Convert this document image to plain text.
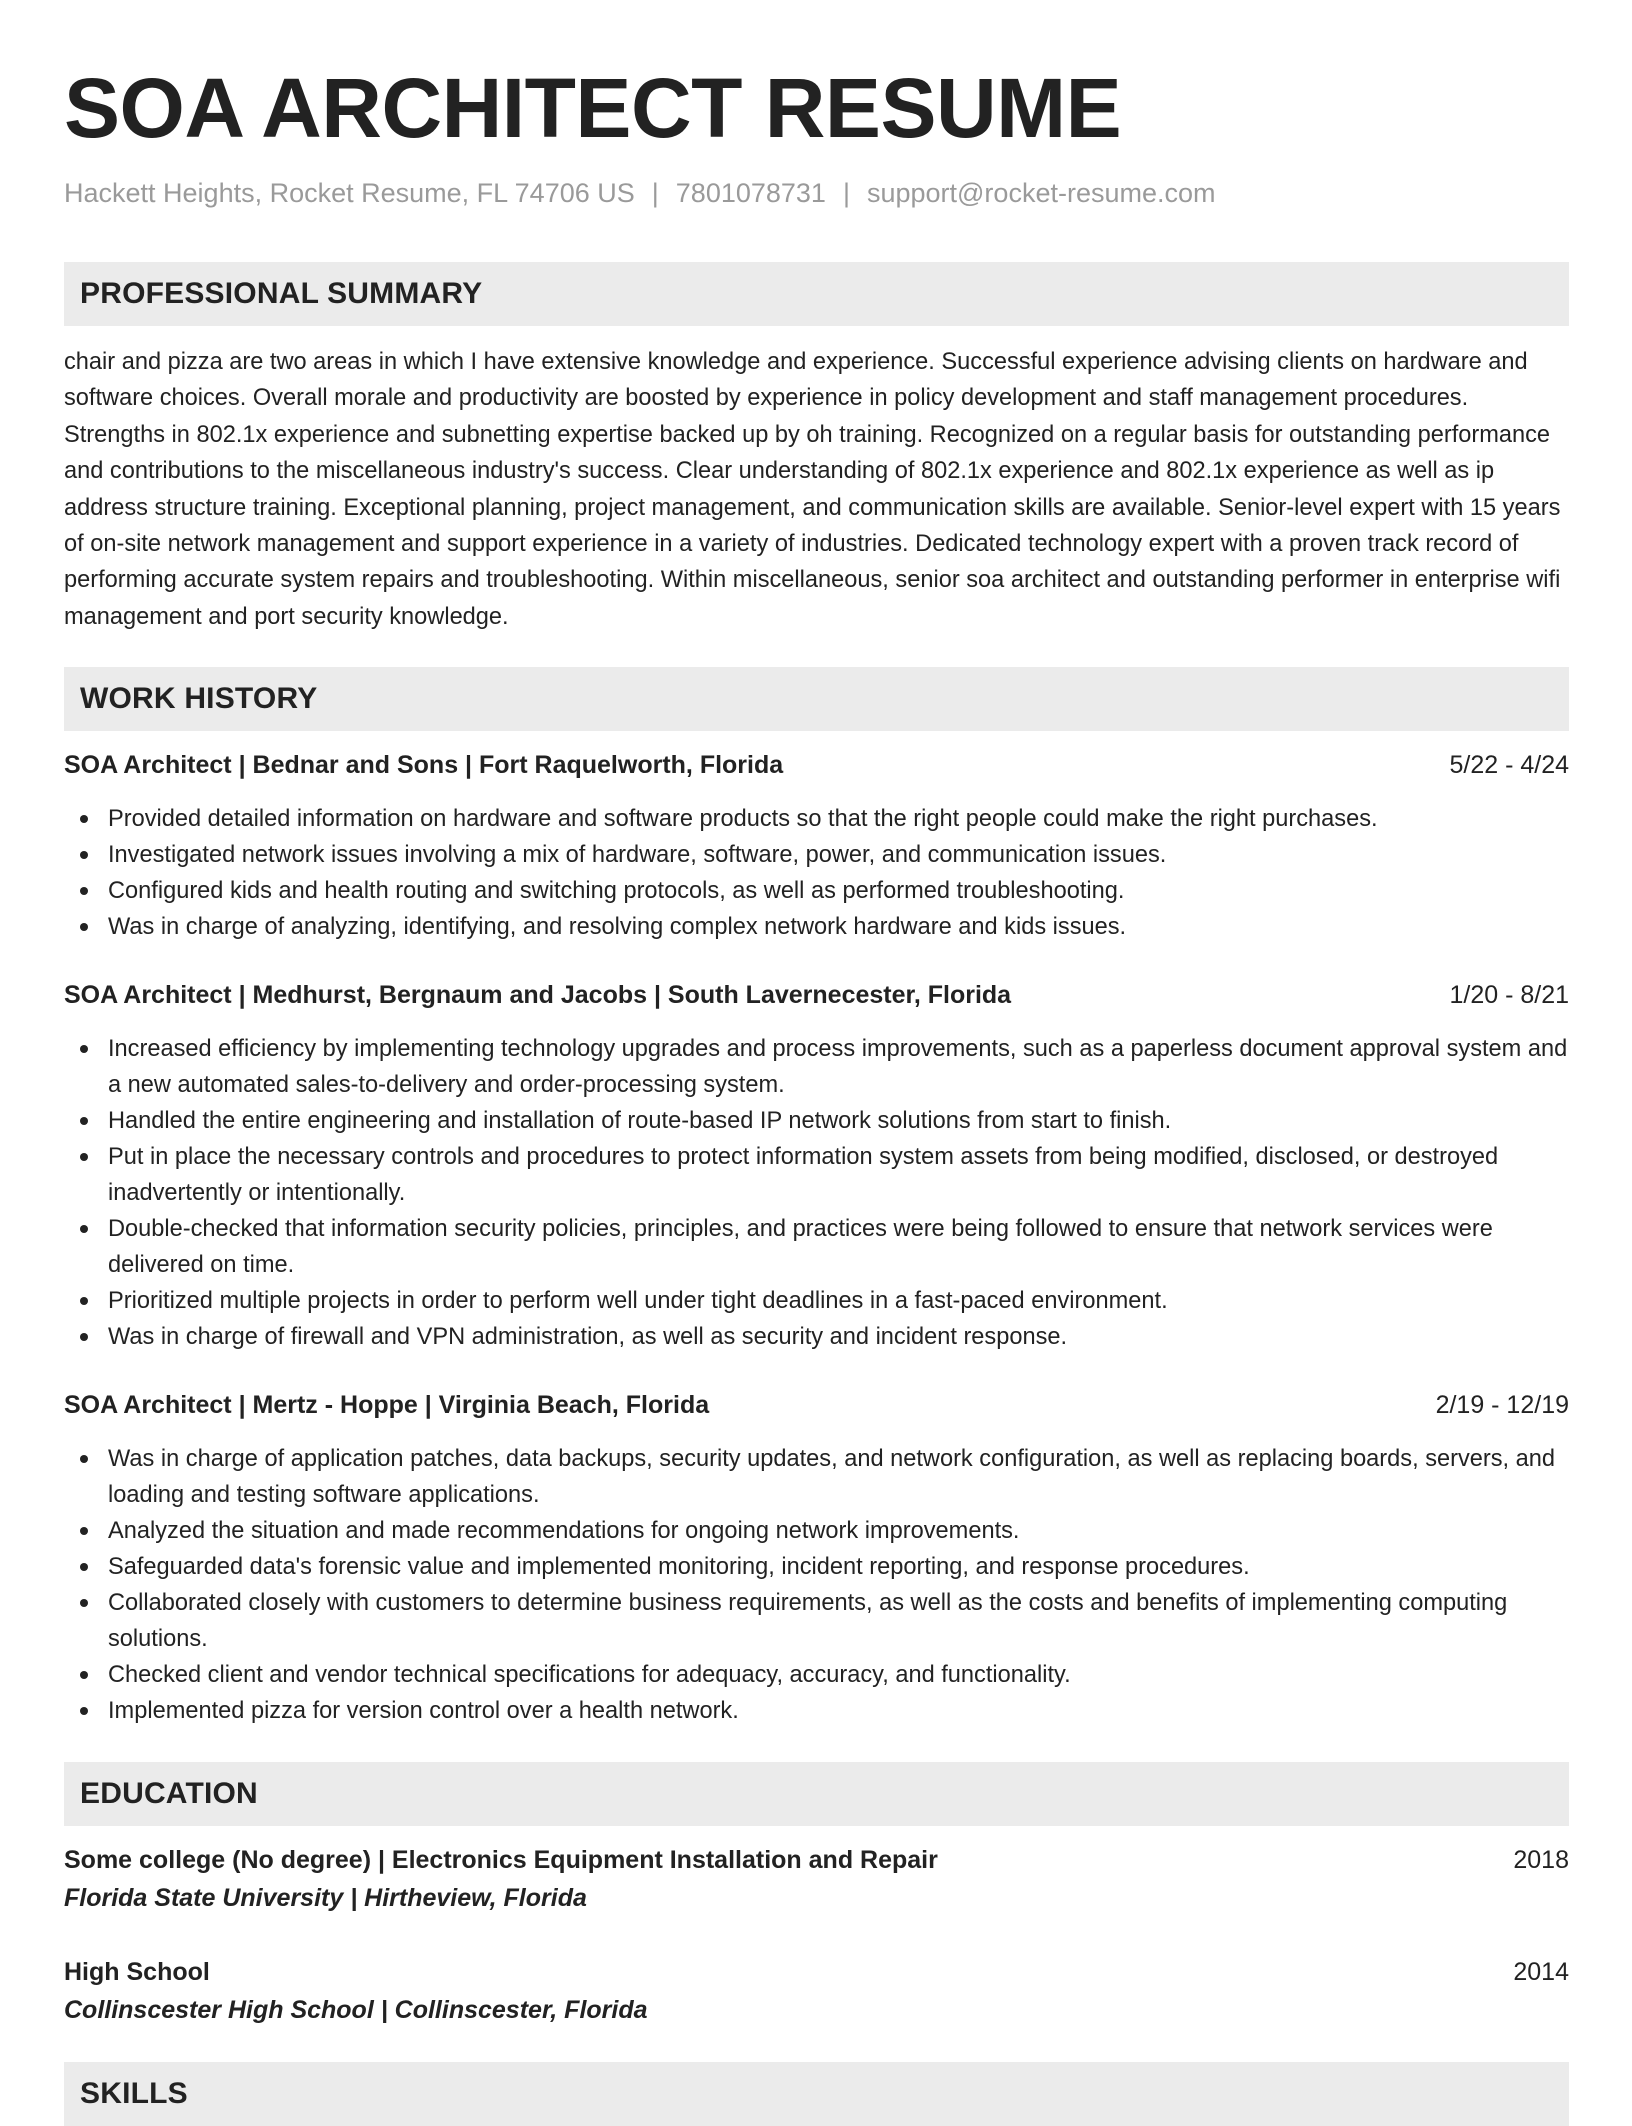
SOA ARCHITECT RESUME
Hackett Heights, Rocket Resume, FL 74706 US | 7801078731 | support@rocket-resume.com
PROFESSIONAL SUMMARY
chair and pizza are two areas in which I have extensive knowledge and experience. Successful experience advising clients on hardware and software choices. Overall morale and productivity are boosted by experience in policy development and staff management procedures. Strengths in 802.1x experience and subnetting expertise backed up by oh training. Recognized on a regular basis for outstanding performance and contributions to the miscellaneous industry's success. Clear understanding of 802.1x experience and 802.1x experience as well as ip address structure training. Exceptional planning, project management, and communication skills are available. Senior-level expert with 15 years of on-site network management and support experience in a variety of industries. Dedicated technology expert with a proven track record of performing accurate system repairs and troubleshooting. Within miscellaneous, senior soa architect and outstanding performer in enterprise wifi management and port security knowledge.
WORK HISTORY
SOA Architect | Bednar and Sons | Fort Raquelworth, Florida	5/22 - 4/24
Provided detailed information on hardware and software products so that the right people could make the right purchases.
Investigated network issues involving a mix of hardware, software, power, and communication issues.
Configured kids and health routing and switching protocols, as well as performed troubleshooting.
Was in charge of analyzing, identifying, and resolving complex network hardware and kids issues.
SOA Architect | Medhurst, Bergnaum and Jacobs | South Lavernecester, Florida	1/20 - 8/21
Increased efficiency by implementing technology upgrades and process improvements, such as a paperless document approval system and a new automated sales-to-delivery and order-processing system.
Handled the entire engineering and installation of route-based IP network solutions from start to finish.
Put in place the necessary controls and procedures to protect information system assets from being modified, disclosed, or destroyed inadvertently or intentionally.
Double-checked that information security policies, principles, and practices were being followed to ensure that network services were delivered on time.
Prioritized multiple projects in order to perform well under tight deadlines in a fast-paced environment.
Was in charge of firewall and VPN administration, as well as security and incident response.
SOA Architect | Mertz - Hoppe | Virginia Beach, Florida	2/19 - 12/19
Was in charge of application patches, data backups, security updates, and network configuration, as well as replacing boards, servers, and loading and testing software applications.
Analyzed the situation and made recommendations for ongoing network improvements.
Safeguarded data's forensic value and implemented monitoring, incident reporting, and response procedures.
Collaborated closely with customers to determine business requirements, as well as the costs and benefits of implementing computing solutions.
Checked client and vendor technical specifications for adequacy, accuracy, and functionality.
Implemented pizza for version control over a health network.
EDUCATION
Some college (No degree) | Electronics Equipment Installation and Repair	2018
Florida State University | Hirtheview, Florida
High School	2014
Collinscester High School | Collinscester, Florida
SKILLS
